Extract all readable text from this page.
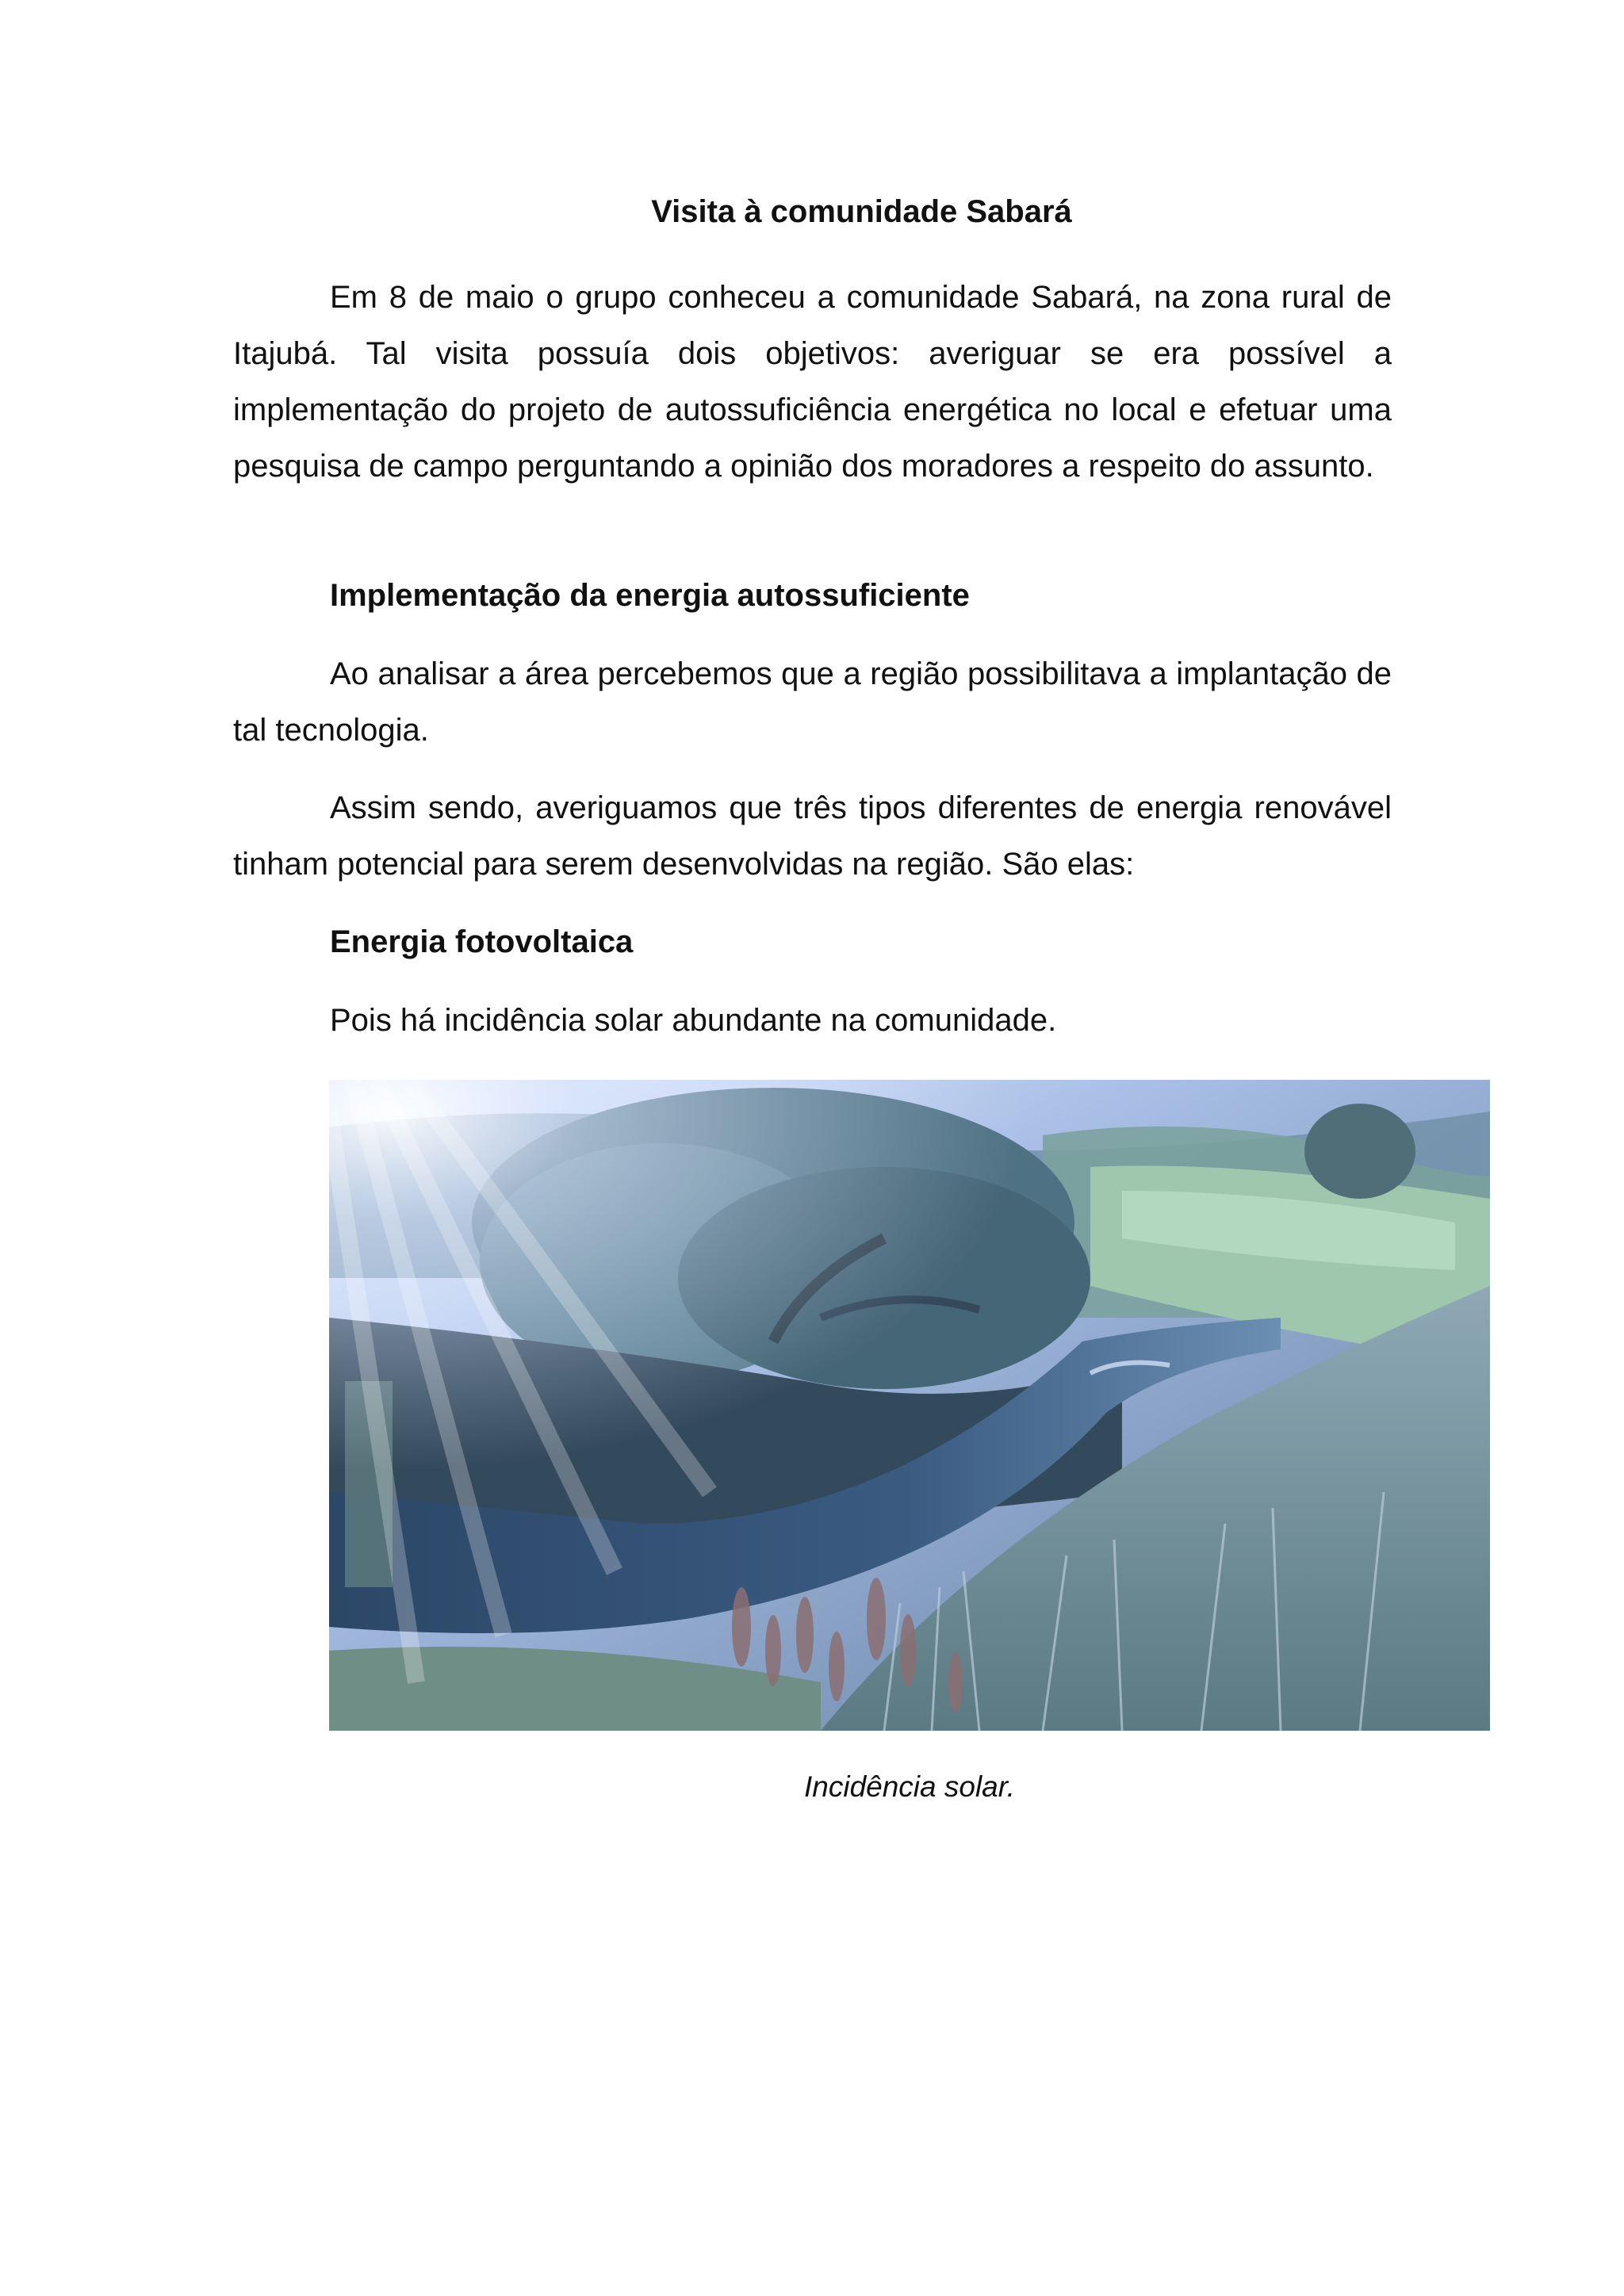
Visita à comunidade Sabará

Em 8 de maio o grupo conheceu a comunidade Sabará, na zona rural de Itajubá. Tal visita possuía dois objetivos: averiguar se era possível a implementação do projeto de autossuficiência energética no local e efetuar uma pesquisa de campo perguntando a opinião dos moradores a respeito do assunto.

Implementação da energia autossuficiente

Ao analisar a área percebemos que a região possibilitava a implantação de tal tecnologia.

Assim sendo, averiguamos que três tipos diferentes de energia renovável tinham potencial para serem desenvolvidas na região. São elas:

Energia fotovoltaica

Pois há incidência solar abundante na comunidade.

Incidência solar.
